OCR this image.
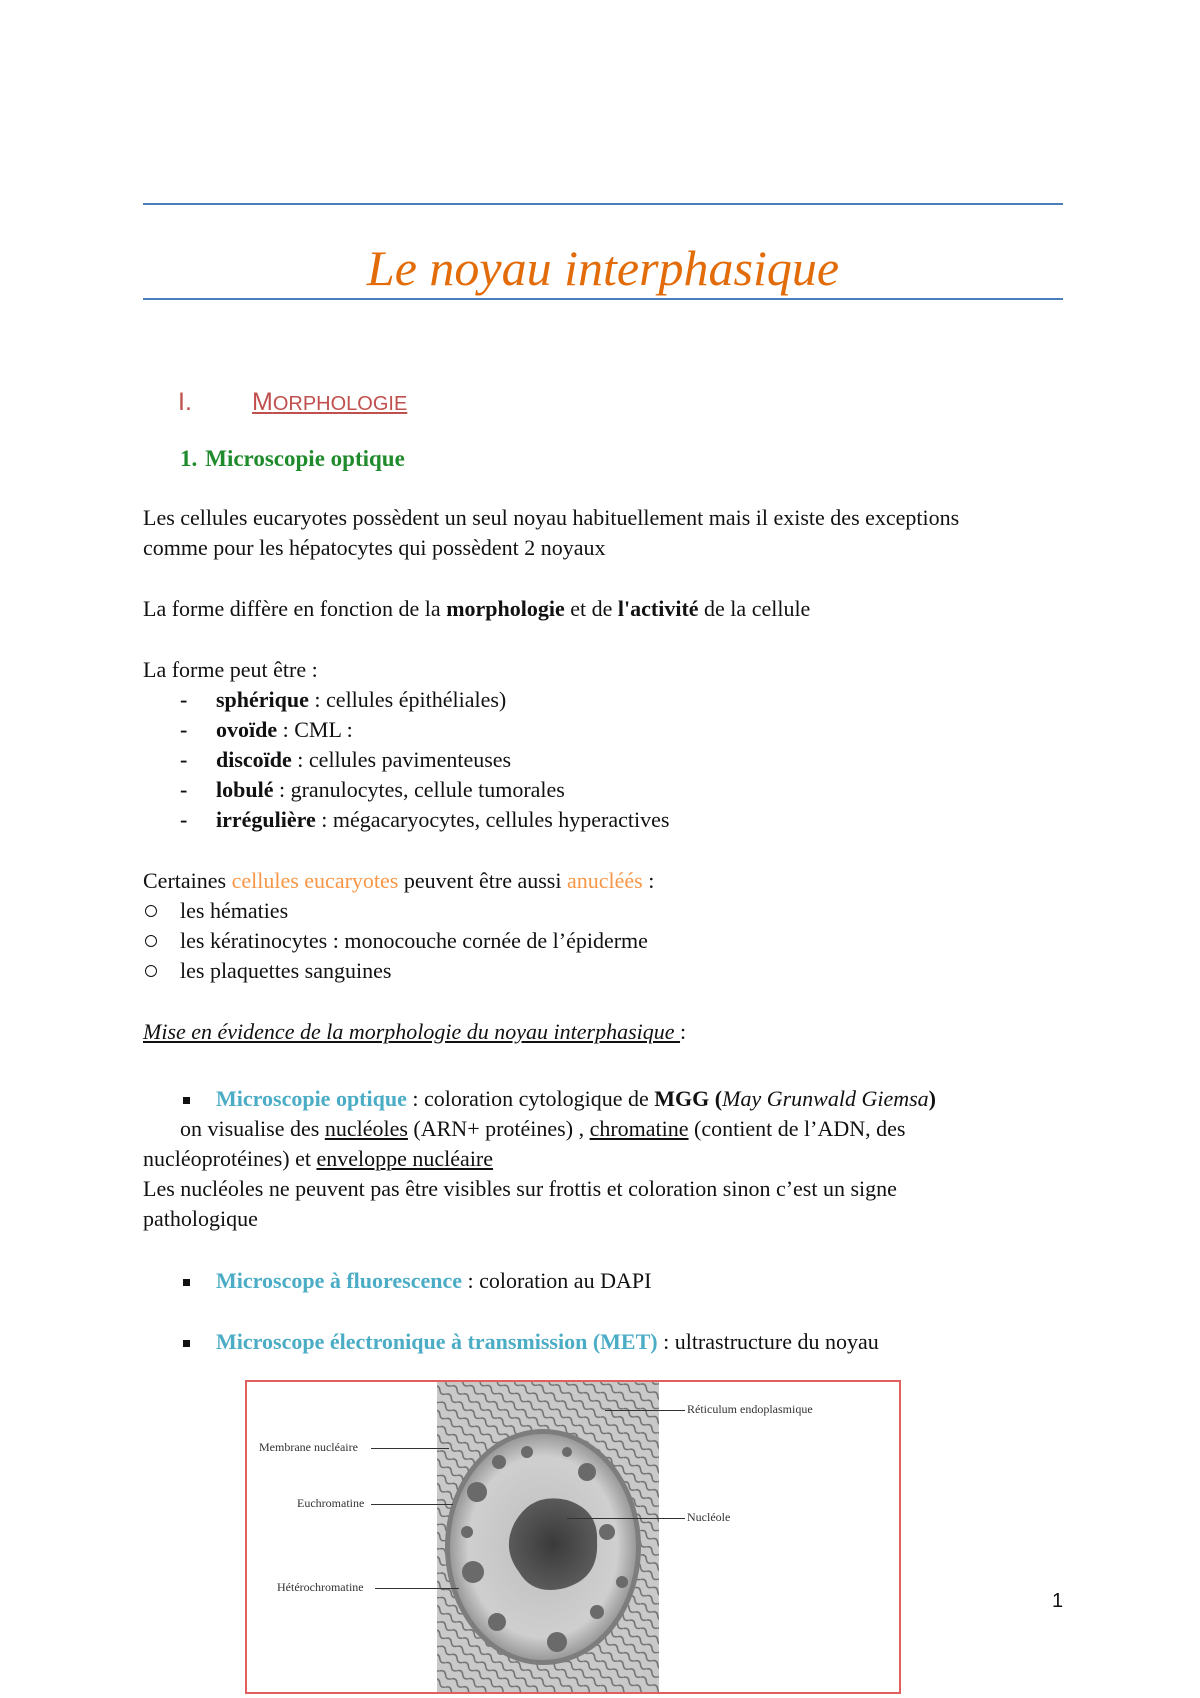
Le noyau interphasique
I. MORPHOLOGIE
1. Microscopie optique
Les cellules eucaryotes possèdent un seul noyau habituellement mais il existe des exceptions
comme pour les hépatocytes qui possèdent 2 noyaux
La forme diffère en fonction de la morphologie et de l'activité de la cellule
La forme peut être :
- sphérique : cellules épithéliales)
- ovoïde : CML :
- discoïde : cellules pavimenteuses
- lobulé : granulocytes, cellule tumorales
- irrégulière : mégacaryocytes, cellules hyperactives
Certaines cellules eucaryotes peuvent être aussi anucléés :
les hématies
les kératinocytes : monocouche cornée de l’épiderme
les plaquettes sanguines
Mise en évidence de la morphologie du noyau interphasique :
Microscopie optique : coloration cytologique de MGG (May Grunwald Giemsa)
on visualise des nucléoles (ARN+ protéines) , chromatine (contient de l’ADN, des
nucléoprotéines) et enveloppe nucléaire
Les nucléoles ne peuvent pas être visibles sur frottis et coloration sinon c’est un signe
pathologique
Microscope à fluorescence : coloration au DAPI
Microscope électronique à transmission (MET) : ultrastructure du noyau
Membrane nucléaire
Euchromatine
Hétérochromatine
Réticulum endoplasmique
Nucléole
1
